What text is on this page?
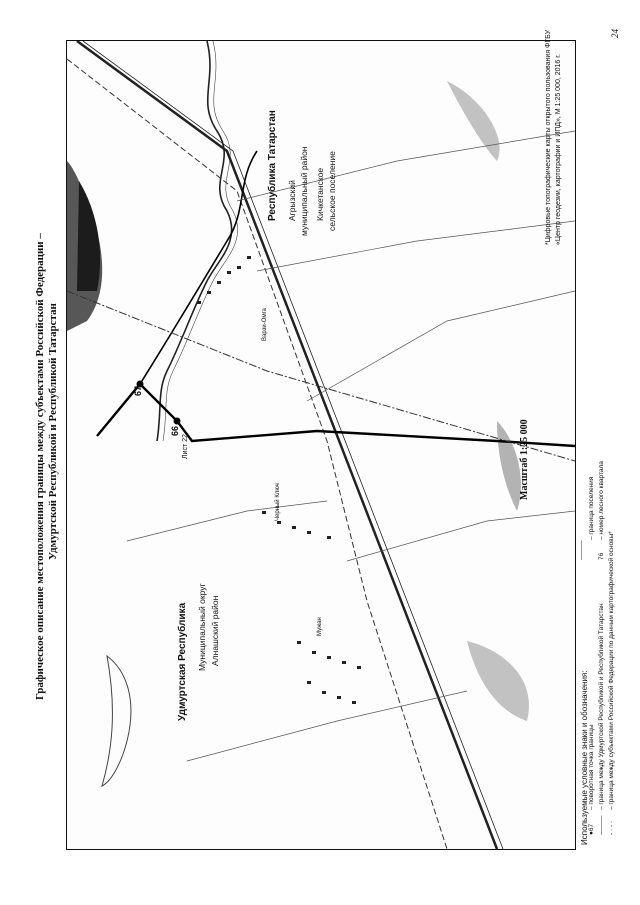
24
Графическое описание местоположения границы между субъектами Российской Федерации – Удмуртской Республикой и Республикой Татарстан
Республика Татарстан Агрызский муниципальный район Кичкетанское сельское поселение
Удмуртская Республика Муниципальный округ Алнашский район
67
66
Лист 22
Варзи-Омга
Черный Ключ
Мужан
Масштаб 1:25 000
*Цифровые топографические карты открытого пользования ФГБУ «Центр геодезии, картографии и ИПД», М 1:25 000, 2016 г.
Используемые условные знаки и обозначения: ●67
– поворотная точка границы
———
– граница между Удмуртской Республикой и Республикой Татарстан
- · - ·
– граница между субъектами Российской Федерации по данным картографической основы*
———
– граница поселения
76
– номер лесного квартала
